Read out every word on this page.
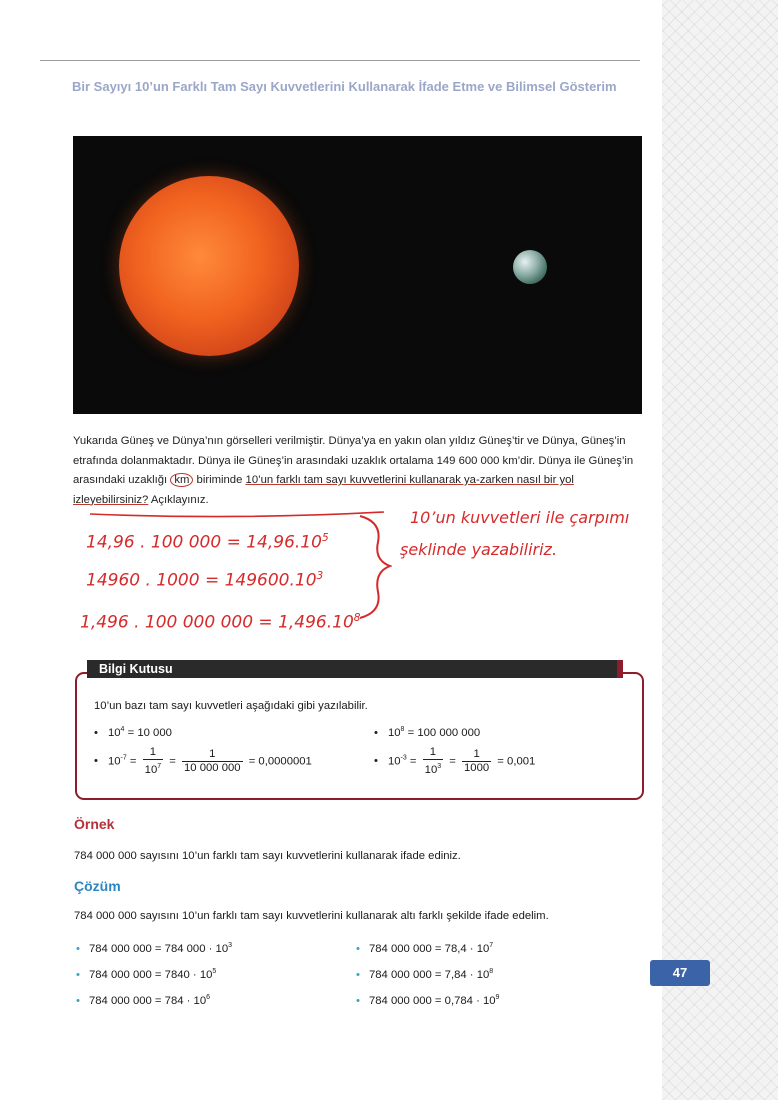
Bir Sayıyı 10’un Farklı Tam Sayı Kuvvetlerini Kullanarak İfade Etme ve Bilimsel Gösterim
Yukarıda Güneş ve Dünya’nın görselleri verilmiştir. Dünya’ya en yakın olan yıldız Güneş’tir ve Dünya, Güneş’in etrafında dolanmaktadır. Dünya ile Güneş’in arasındaki uzaklık ortalama 149 600 000 km’dir. Dünya ile Güneş’in arasındaki uzaklığı km biriminde 10’un farklı tam sayı kuvvetlerini kullanarak ya-zarken nasıl bir yol izleyebilirsiniz? Açıklayınız.
14,96 . 100 $000 = 14,96.10^5$
14960 . $1000 = 149600.10^3$
1,496 . 100 000 $000 = 1,496.10^8$
10’un kuvvetleri ile çarpımı
şeklinde yazabiliriz.
Bilgi Kutusu
10’un bazı tam sayı kuvvetleri aşağıdaki gibi yazılabilir.
• $10^4 = 10$ 000	• $10^8 = 100$ 000 000
• $10^{-7} = \frac{1}{10^7} = \frac{1}{10 000 000} = 0,0000001$	• $10^{-3} = \frac{1}{10^3} = \frac{1}{1000} = 0,001$
Örnek
784 000 000 sayısını 10’un farklı tam sayı kuvvetlerini kullanarak ifade ediniz.
Çözüm
784 000 000 sayısını 10’un farklı tam sayı kuvvetlerini kullanarak altı farklı şekilde ifade edelim.
• 784 000 000 = 784 $000 \cdot 10^3$
• 784 000 $000 = 7840 \cdot 10^5$
• 784 000 $000 = 784 \cdot 10^6$
• 784 000 $000 = 78,4 \cdot 10^7$
• 784 000 $000 = 7,84 \cdot 10^8$
• 784 000 $000 = 0,784 \cdot 10^9$
47
